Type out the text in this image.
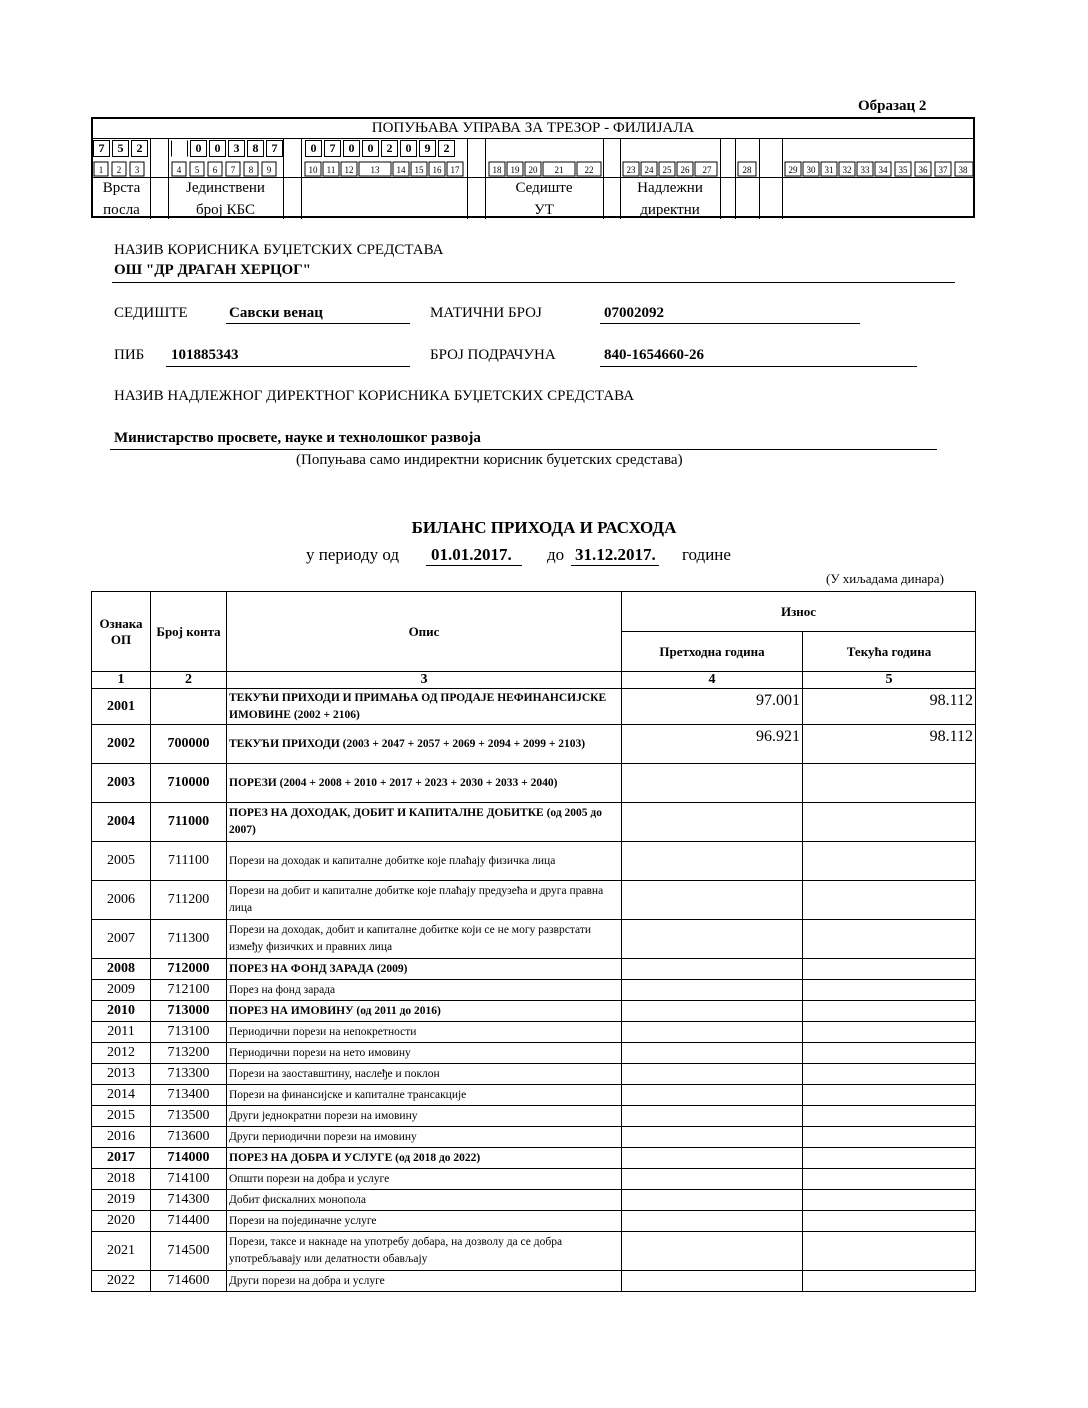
Образац 2
ПОПУЊАВА УПРАВА ЗА ТРЕЗОР - ФИЛИЈАЛА
7	5	2	0	0	3	8	7	0	7	0	0	2	0	9	2
1 2 3	4 5 6 7 8 9	10 11 12 13 14 15 16 17	18 19 20 21 22	23 24 25 26 27	28	29 30 31 32 33 34 35 36 37 38
Врста
посла
Јединствени
број КБС
Седиште
УТ
Надлежни
директни
НАЗИВ КОРИСНИКА БУЏЕТСКИХ СРЕДСТАВА
ОШ "ДР ДРАГАН ХЕРЦОГ"
СЕДИШТЕ	Савски венац	МАТИЧНИ БРОЈ	07002092
ПИБ 101885343	БРОЈ ПОДРАЧУНА	840-1654660-26
НАЗИВ НАДЛЕЖНОГ ДИРЕКТНОГ КОРИСНИКА БУЏЕТСКИХ СРЕДСТАВА
Министарство просвете, науке и технолошког развоја
(Попуњава само индиректни корисник буџетских средстава)
БИЛАНС ПРИХОДА И РАСХОДА
у периоду од 01.01.2017. до 31.12.2017. годинe
(У хиљадама динара)
Ознака ОП	Број конта	Опис	Износ	
			Претходна година	Текућа година
1	2	3	4	5
2001		ТЕКУЋИ ПРИХОДИ И ПРИМАЊА ОД ПРОДАЈЕ НЕФИНАНСИЈСКЕ ИМОВИНЕ (2002 + 2106)	97.001	98.112
2002	700000	ТЕКУЋИ ПРИХОДИ (2003 + 2047 + 2057 + 2069 + 2094 + 2099 + 2103)	96.921	98.112
2003	710000	ПОРЕЗИ (2004 + 2008 + 2010 + 2017 + 2023 + 2030 + 2033 + 2040)		
2004	711000	ПОРЕЗ НА ДОХОДАК, ДОБИТ И КАПИТАЛНЕ ДОБИТКЕ (од 2005 до 2007)		
2005	711100	Порези на доходак и капиталне добитке које плаћају физичка лица		
2006	711200	Порези на добит и капиталне добитке које плаћају предузећа и друга правна лица		
2007	711300	Порези на доходак, добит и капиталне добитке који се не могу разврстати између физичких и правних лица		
2008	712000	ПОРЕЗ НА ФОНД ЗАРАДА (2009)		
2009	712100	Порез на фонд зарада		
2010	713000	ПОРЕЗ НА ИМОВИНУ (од 2011 до 2016)		
2011	713100	Периодични порези на непокретности		
2012	713200	Периодични порези на нето имовину		
2013	713300	Порези на заоставштину, наслеђе и поклон		
2014	713400	Порези на финансијске и капиталне трансакције		
2015	713500	Други једнократни порези на имовину		
2016	713600	Други периодични порези на имовину		
2017	714000	ПОРЕЗ НА ДОБРА И УСЛУГЕ (од 2018 до 2022)		
2018	714100	Општи порези на добра и услуге		
2019	714300	Добит фискалних монопола		
2020	714400	Порези на појединачне услуге		
2021	714500	Порези, таксе и накнаде на употребу добара, на дозволу да се добра употребљавају или делатности обављају		
2022	714600	Други порези на добра и услуге		
